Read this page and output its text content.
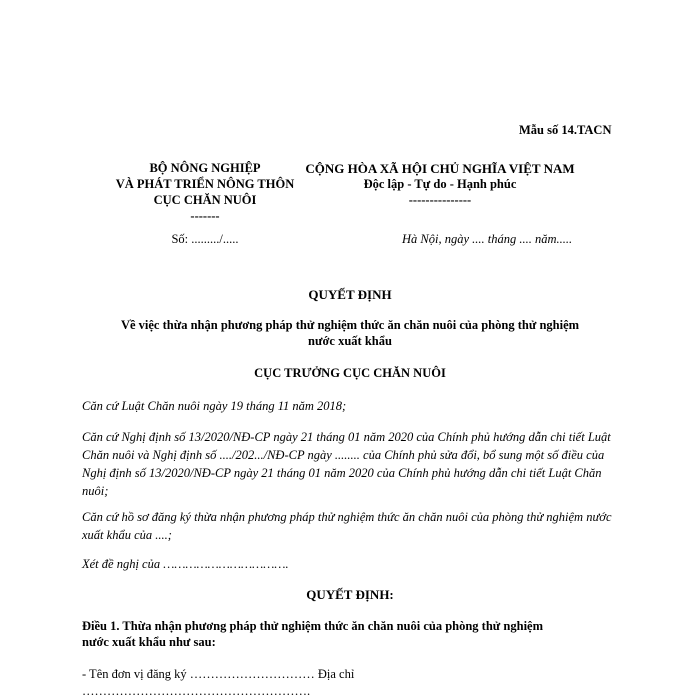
Mẫu số 14.TACN
BỘ NÔNG NGHIỆP
VÀ PHÁT TRIỂN NÔNG THÔN
CỤC CHĂN NUÔI
-------
Số: ........./.....
CỘNG HÒA XÃ HỘI CHỦ NGHĨA VIỆT NAM
Độc lập - Tự do - Hạnh phúc
---------------
Hà Nội, ngày .... tháng .... năm.....
QUYẾT ĐỊNH
Về việc thừa nhận phương pháp thử nghiệm thức ăn chăn nuôi của phòng thử nghiệm
nước xuất khẩu
CỤC TRƯỞNG CỤC CHĂN NUÔI
Căn cứ Luật Chăn nuôi ngày 19 tháng 11 năm 2018;
Căn cứ Nghị định số 13/2020/NĐ-CP ngày 21 tháng 01 năm 2020 của Chính phủ hướng dẫn chi tiết Luật Chăn nuôi và Nghị định số ..../202.../NĐ-CP ngày ........ của Chính phủ sửa đổi, bổ sung một số điều của Nghị định số 13/2020/NĐ-CP ngày 21 tháng 01 năm 2020 của Chính phủ hướng dẫn chi tiết Luật Chăn nuôi;
Căn cứ hồ sơ đăng ký thừa nhận phương pháp thử nghiệm thức ăn chăn nuôi của phòng thử nghiệm nước xuất khẩu của ....;
Xét đề nghị của …………………………….
QUYẾT ĐỊNH:
Điều 1. Thừa nhận phương pháp thử nghiệm thức ăn chăn nuôi của phòng thử nghiệm
nước xuất khẩu như sau:
- Tên đơn vị đăng ký ………………………… Địa chỉ
……………………………………………….
